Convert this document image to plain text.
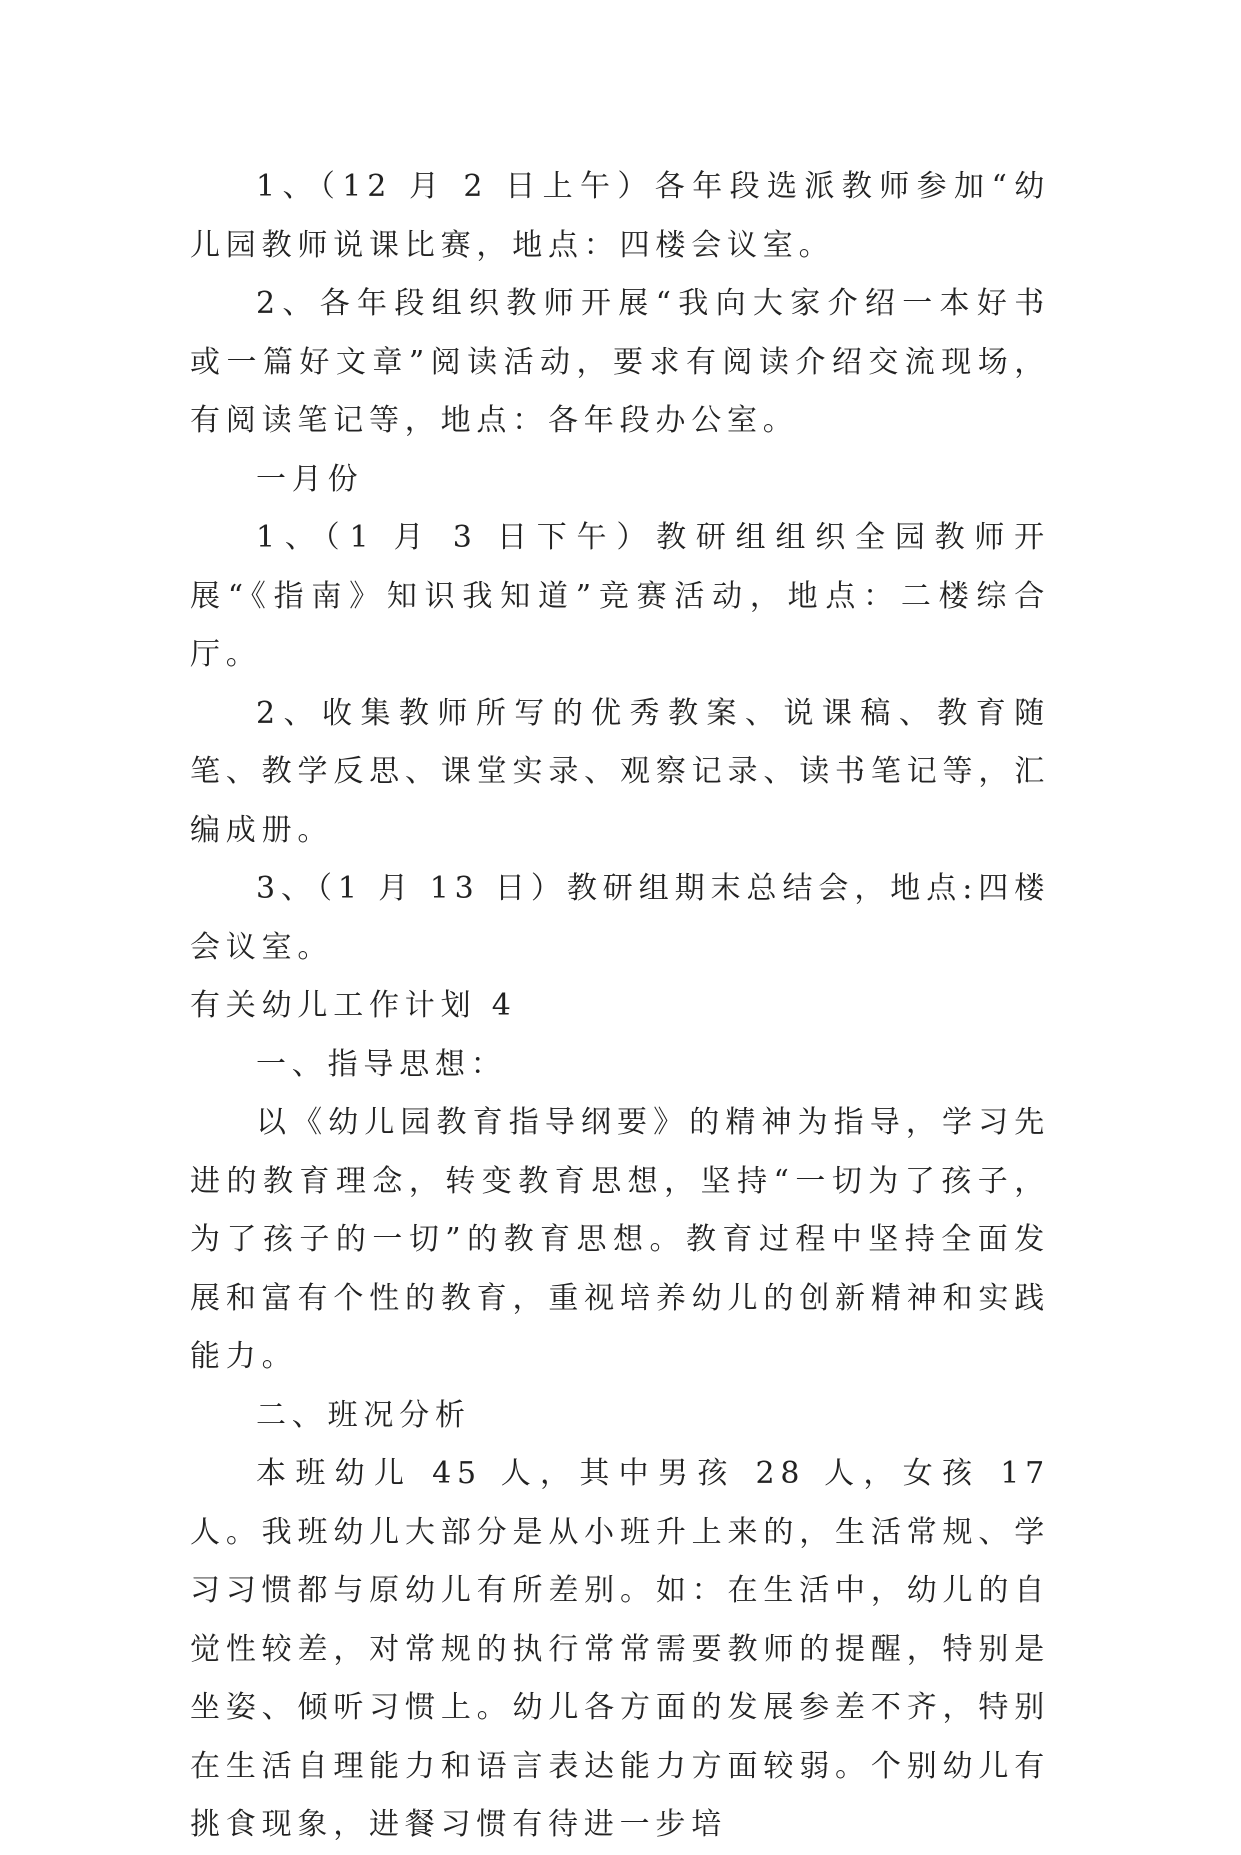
1、（12 月 2 日上午）各年段选派教师参加“幼儿园教师说课比赛，地点：四楼会议室。

2、各年段组织教师开展“我向大家介绍一本好书或一篇好文章”阅读活动，要求有阅读介绍交流现场，有阅读笔记等，地点：各年段办公室。

一月份

1、（1 月 3 日下午）教研组组织全园教师开展“《指南》知识我知道”竞赛活动，地点：二楼综合厅。

2、收集教师所写的优秀教案、说课稿、教育随笔、教学反思、课堂实录、观察记录、读书笔记等，汇编成册。

3、（1 月 13 日）教研组期末总结会，地点:四楼会议室。

有关幼儿工作计划 4

一、指导思想：

以《幼儿园教育指导纲要》的精神为指导，学习先进的教育理念，转变教育思想，坚持“一切为了孩子，为了孩子的一切”的教育思想。教育过程中坚持全面发展和富有个性的教育，重视培养幼儿的创新精神和实践能力。

二、班况分析

本班幼儿 45 人，其中男孩 28 人，女孩 17 人。我班幼儿大部分是从小班升上来的，生活常规、学习习惯都与原幼儿有所差别。如：在生活中，幼儿的自觉性较差，对常规的执行常常需要教师的提醒，特别是坐姿、倾听习惯上。幼儿各方面的发展参差不齐，特别在生活自理能力和语言表达能力方面较弱。个别幼儿有挑食现象，进餐习惯有待进一步培
